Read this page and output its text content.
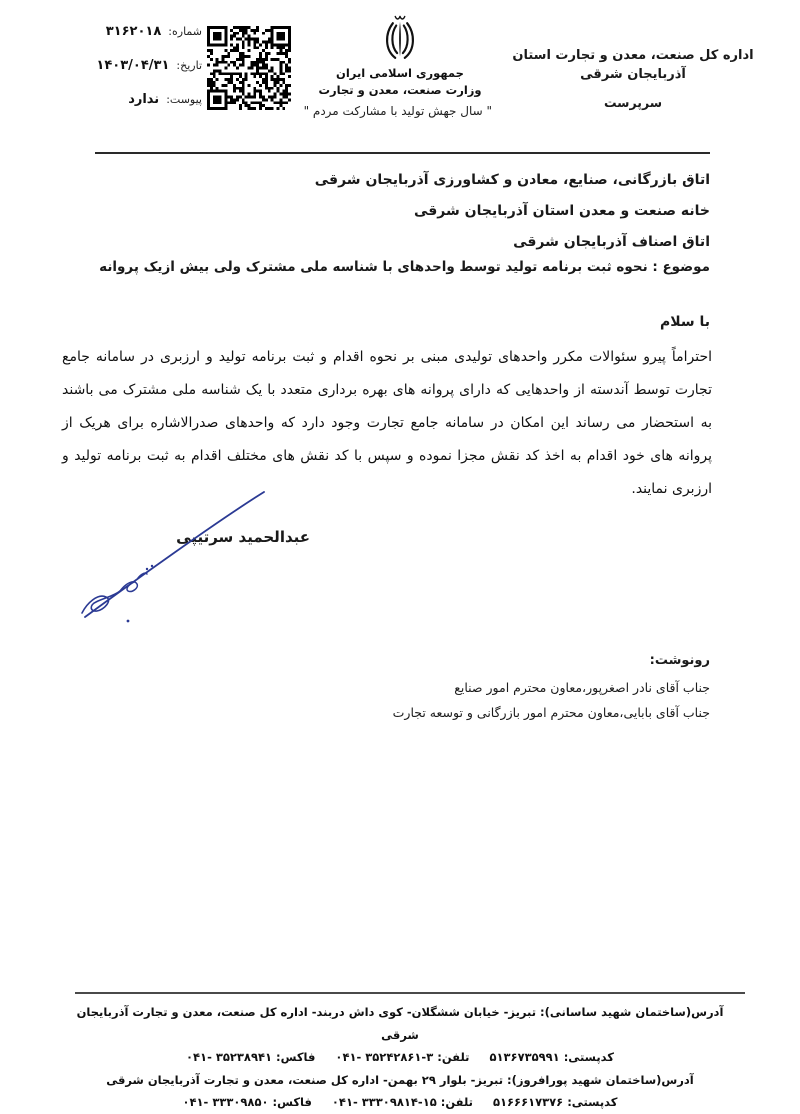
شماره:
۳۱۶۲۰۱۸
تاریخ:
۱۴۰۳/۰۴/۳۱
پیوست:
ندارد
جمهوری اسلامی ایران
وزارت صنعت، معدن و تجارت
" سال جهش تولید با مشارکت مردم "
اداره کل صنعت، معدن و تجارت استان آذربایجان شرقی
سرپرست
اتاق بازرگانی، صنایع، معادن و کشاورزی آذربایجان شرقی
خانه صنعت و معدن استان آذربایجان شرقی
اتاق اصناف آذربایجان شرقی
موضوع : نحوه ثبت برنامه تولید توسط واحدهای با شناسه ملی مشترک ولی بیش ازیک پروانه
با سلام
احتراماً پیرو سئوالات مکرر واحدهای تولیدی مبنی بر نحوه اقدام و ثبت برنامه تولید و ارزبری در سامانه جامع تجارت توسط آندسته از واحدهایی که دارای پروانه های بهره برداری متعدد با یک شناسه ملی مشترک می باشند به استحضار می رساند این امکان در سامانه جامع تجارت وجود دارد که واحدهای صدرالاشاره برای هریک از پروانه های خود اقدام به اخذ کد نقش مجزا نموده و سپس با کد نقش های مختلف اقدام به ثبت برنامه تولید و ارزبری نمایند.
عبدالحمید سرتیپی
رونوشت:
جناب آقای نادر اصغرپور،معاون محترم امور صنایع
جناب آقای بابایی،معاون محترم امور بازرگانی و توسعه تجارت
آدرس(ساختمان شهید ساسانی): تبریز- خیابان ششگلان- کوی داش دربند- اداره کل صنعت، معدن و تجارت آذربایجان شرقی
کدپستی: ۵۱۳۶۷۳۵۹۹۱     تلفن: ۳-۳۵۲۴۲۸۶۱ -۰۴۱     فاکس: ۳۵۲۳۸۹۴۱ -۰۴۱
آدرس(ساختمان شهید پورافروز): تبریز- بلوار ۲۹ بهمن- اداره کل صنعت، معدن و تجارت آذربایجان شرقی
کدپستی: ۵۱۶۶۶۱۷۳۷۶     تلفن: ۱۵-۳۳۳۰۹۸۱۴ -۰۴۱     فاکس: ۳۳۳۰۹۸۵۰ -۰۴۱
